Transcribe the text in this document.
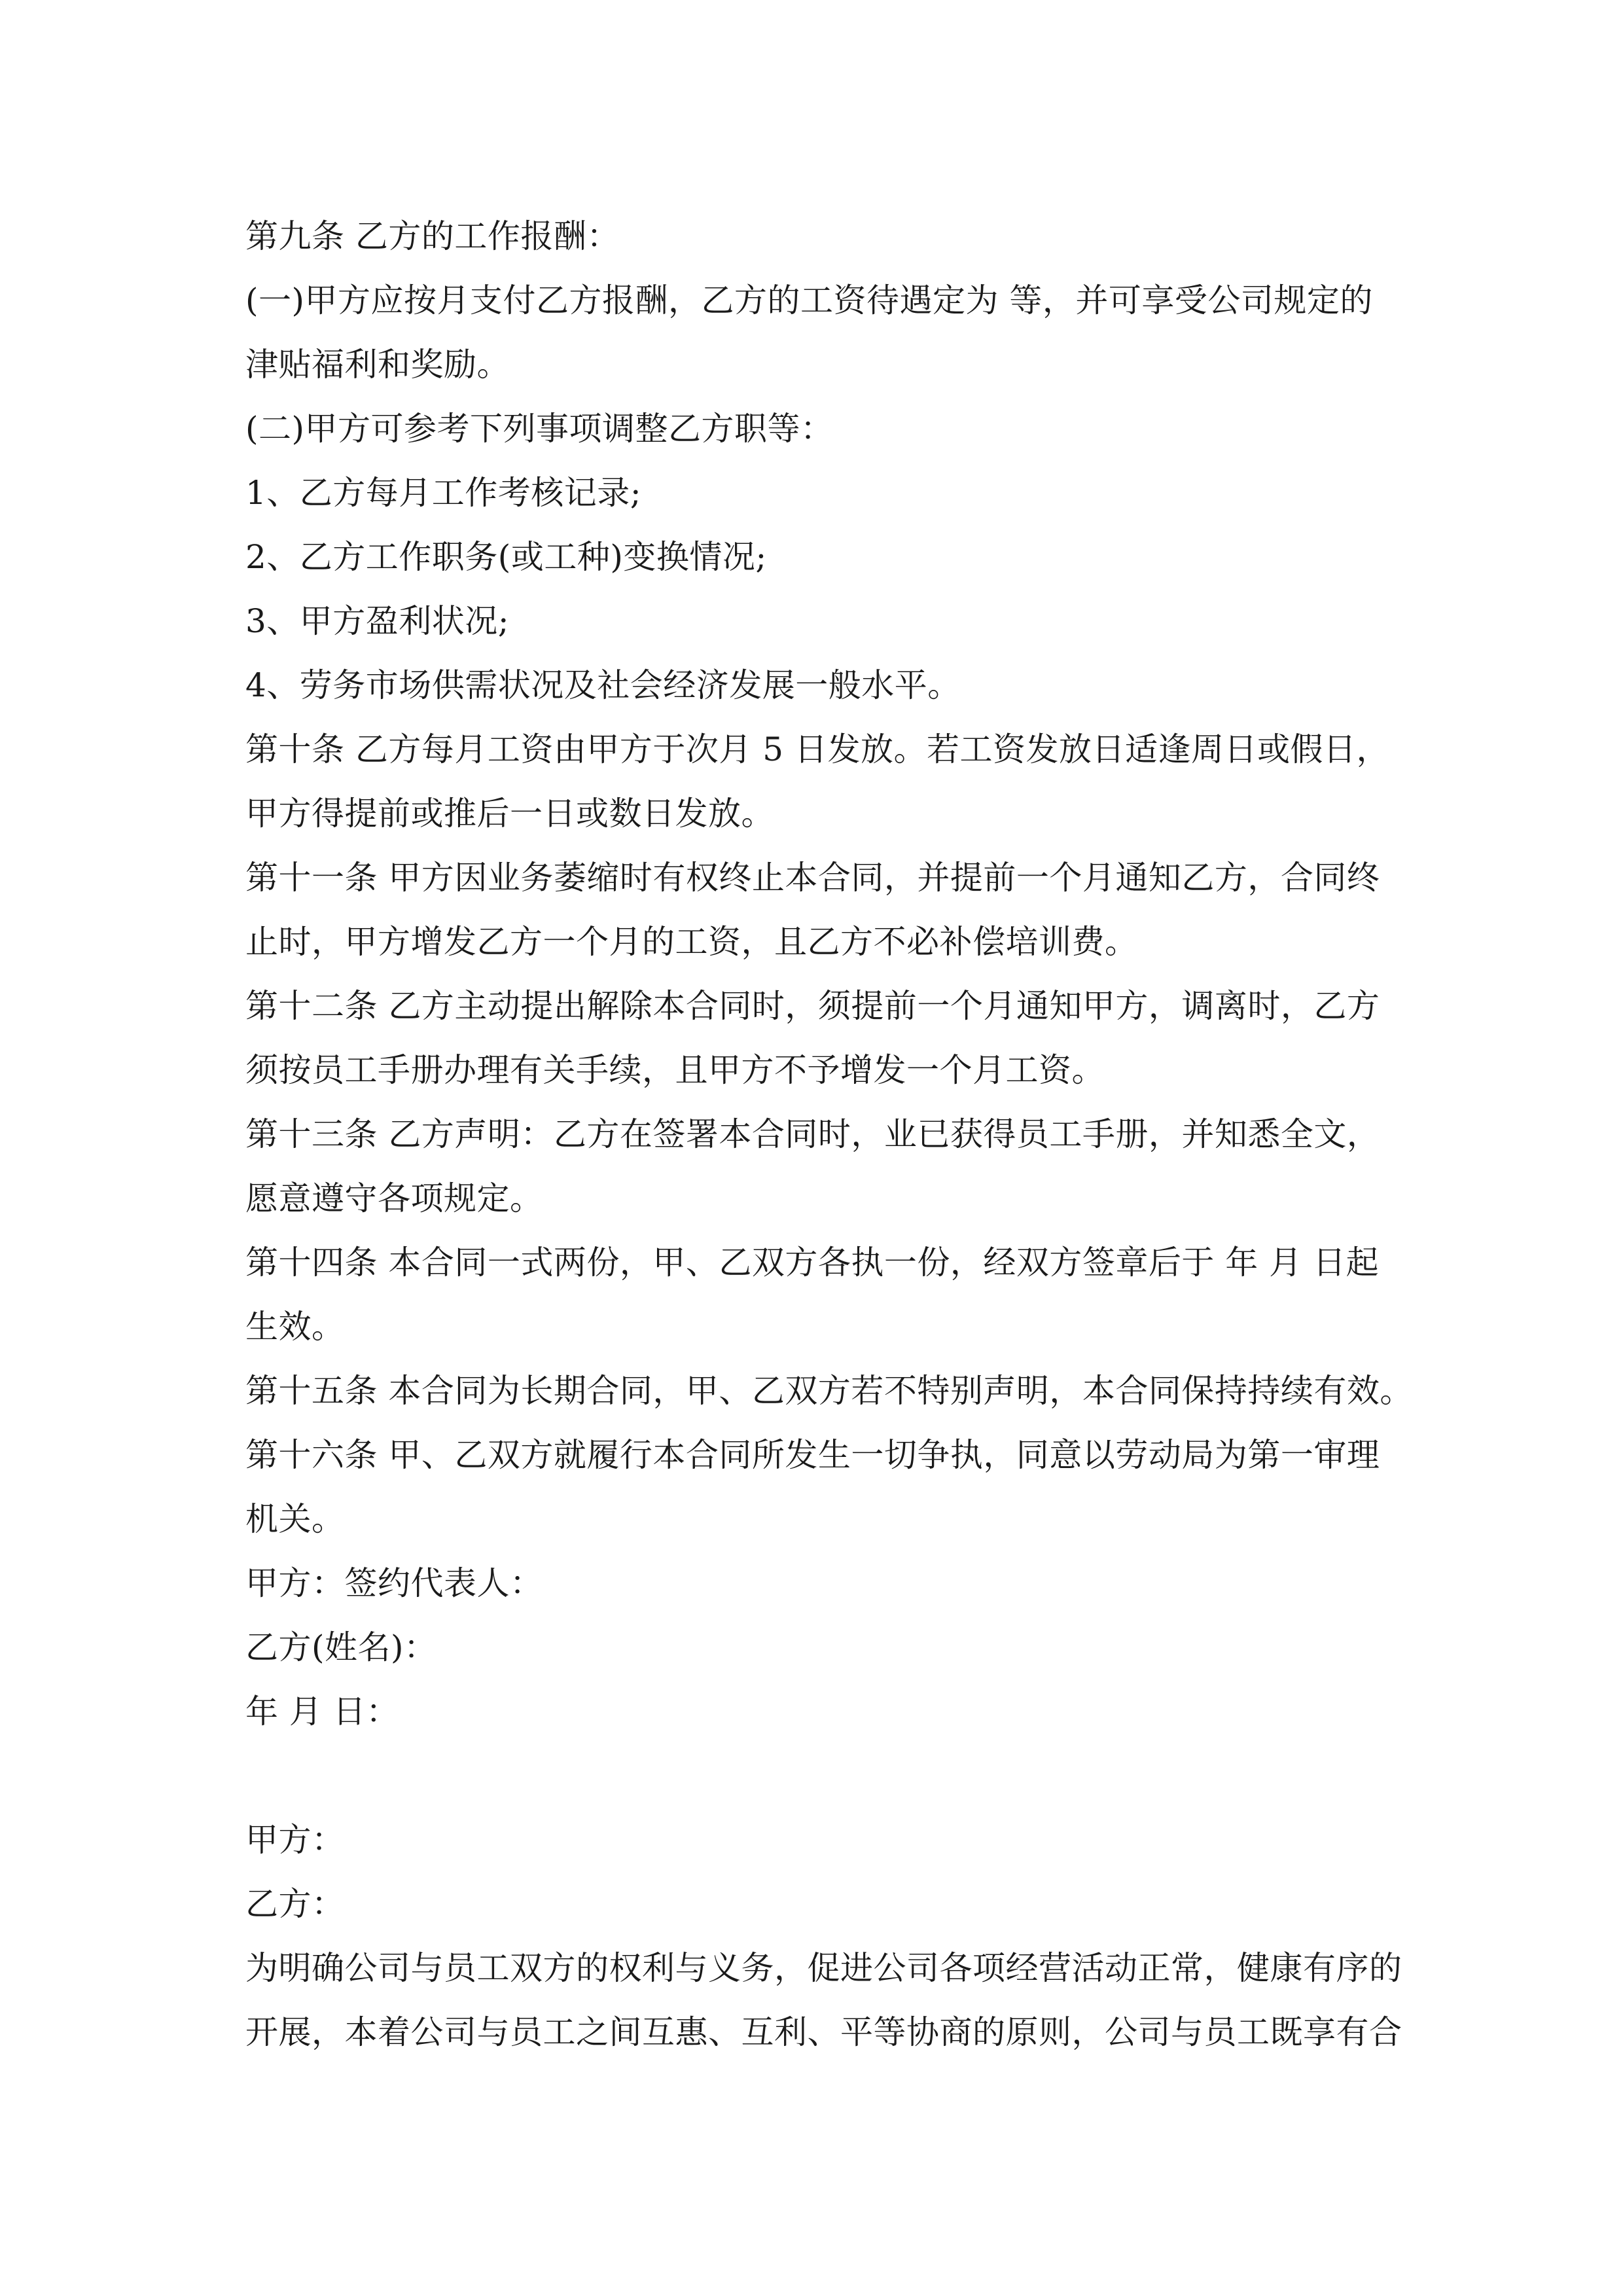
第九条 乙方的工作报酬：

(一)甲方应按月支付乙方报酬，乙方的工资待遇定为 等，并可享受公司规定的

津贴福利和奖励。

(二)甲方可参考下列事项调整乙方职等：

1、乙方每月工作考核记录;

2、乙方工作职务(或工种)变换情况;

3、甲方盈利状况;

4、劳务市场供需状况及社会经济发展一般水平。

第十条 乙方每月工资由甲方于次月 5 日发放。若工资发放日适逢周日或假日，

甲方得提前或推后一日或数日发放。

第十一条 甲方因业务萎缩时有权终止本合同，并提前一个月通知乙方，合同终

止时，甲方增发乙方一个月的工资，且乙方不必补偿培训费。

第十二条 乙方主动提出解除本合同时，须提前一个月通知甲方，调离时，乙方

须按员工手册办理有关手续，且甲方不予增发一个月工资。

第十三条 乙方声明：乙方在签署本合同时，业已获得员工手册，并知悉全文，

愿意遵守各项规定。

第十四条 本合同一式两份，甲、乙双方各执一份，经双方签章后于 年 月 日起

生效。

第十五条 本合同为长期合同，甲、乙双方若不特别声明，本合同保持持续有效。

第十六条 甲、乙双方就履行本合同所发生一切争执，同意以劳动局为第一审理

机关。

甲方：签约代表人：

乙方(姓名)：

年 月 日：

甲方：

乙方：

为明确公司与员工双方的权利与义务，促进公司各项经营活动正常，健康有序的

开展，本着公司与员工之间互惠、互利、平等协商的原则，公司与员工既享有合
